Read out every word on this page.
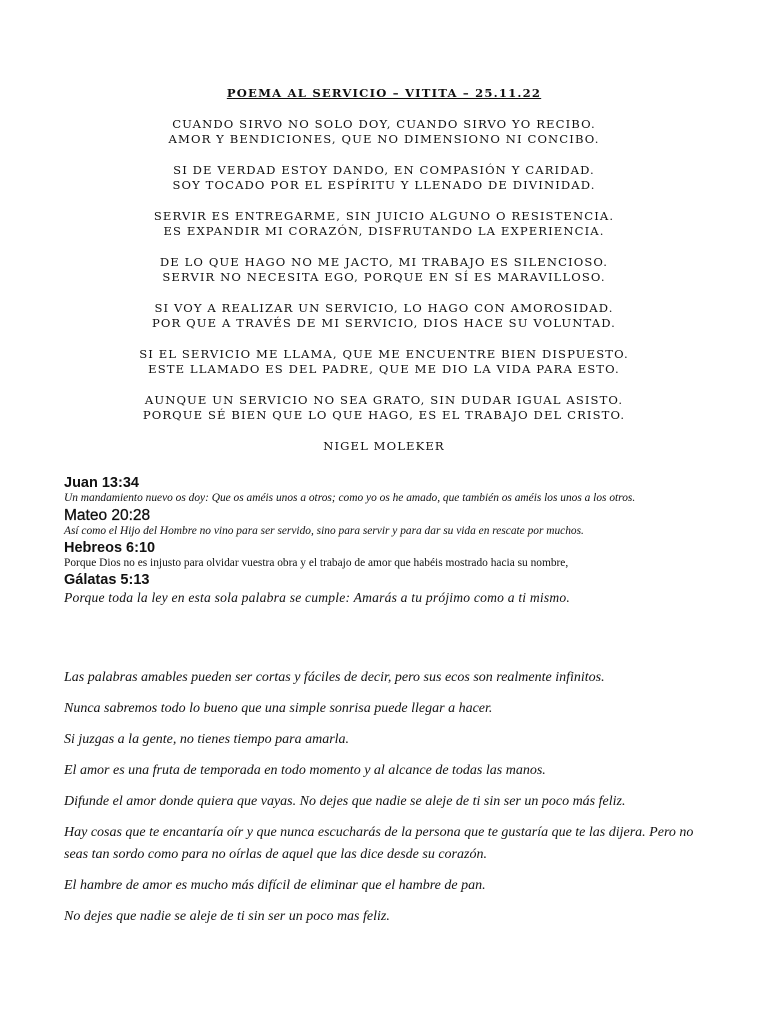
POEMA AL SERVICIO – VITITA – 25.11.22
CUANDO SIRVO NO SOLO DOY, CUANDO SIRVO YO RECIBO.
AMOR Y BENDICIONES, QUE NO DIMENSIONO NI CONCIBO.
SI DE VERDAD ESTOY DANDO, EN COMPASIÓN Y CARIDAD.
SOY TOCADO POR EL ESPÍRITU Y LLENADO DE DIVINIDAD.
SERVIR ES ENTREGARME, SIN JUICIO ALGUNO O RESISTENCIA.
ES EXPANDIR MI CORAZÓN, DISFRUTANDO LA EXPERIENCIA.
DE LO QUE HAGO NO ME JACTO, MI TRABAJO ES SILENCIOSO.
SERVIR NO NECESITA EGO, PORQUE EN SÍ ES MARAVILLOSO.
SI VOY A REALIZAR UN SERVICIO, LO HAGO CON AMOROSIDAD.
POR QUE A TRAVÉS DE MI SERVICIO, DIOS HACE SU VOLUNTAD.
SI EL SERVICIO ME LLAMA, QUE ME ENCUENTRE BIEN DISPUESTO.
ESTE LLAMADO ES DEL PADRE, QUE ME DIO LA VIDA PARA ESTO.
AUNQUE UN SERVICIO NO SEA GRATO, SIN DUDAR IGUAL ASISTO.
PORQUE SÉ BIEN QUE LO QUE HAGO, ES EL TRABAJO DEL CRISTO.
NIGEL MOLEKER
Juan 13:34
Un mandamiento nuevo os doy: Que os améis unos a otros; como yo os he amado, que también os améis los unos a los otros.
Mateo 20:28
Así como el Hijo del Hombre no vino para ser servido, sino para servir y para dar su vida en rescate por muchos.
Hebreos 6:10
Porque Dios no es injusto para olvidar vuestra obra y el trabajo de amor que habéis mostrado hacia su nombre,
Gálatas 5:13
Porque toda la ley en esta sola palabra se cumple: Amarás a tu prójimo como a ti mismo.
Las palabras amables pueden ser cortas y fáciles de decir, pero sus ecos son realmente infinitos.
Nunca sabremos todo lo bueno que una simple sonrisa puede llegar a hacer.
Si juzgas a la gente, no tienes tiempo para amarla.
El amor es una fruta de temporada en todo momento y al alcance de todas las manos.
Difunde el amor donde quiera que vayas. No dejes que nadie se aleje de ti sin ser un poco más feliz.
Hay cosas que te encantaría oír y que nunca escucharás de la persona que te gustaría que te las dijera. Pero no seas tan sordo como para no oírlas de aquel que las dice desde su corazón.
El hambre de amor es mucho más difícil de eliminar que el hambre de pan.
No dejes que nadie se aleje de ti sin ser un poco mas feliz.
